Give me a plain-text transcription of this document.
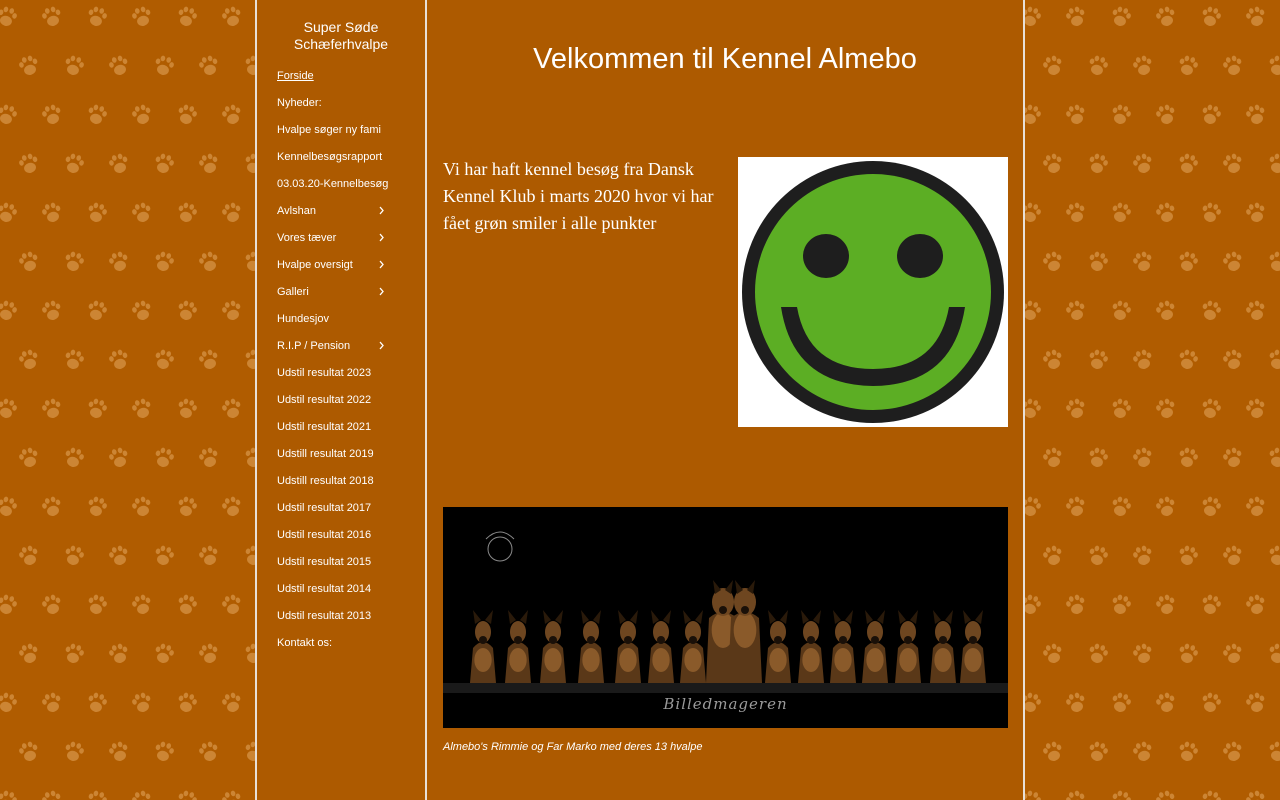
Super Søde Schæferhvalpe
Forside
Nyheder:
Hvalpe søger ny fami
Kennelbesøgsrapport
03.03.20-Kennelbesøg
Avlshan
Vores tæver
Hvalpe oversigt
Galleri
Hundesjov
R.I.P / Pension
Udstil resultat 2023
Udstil resultat 2022
Udstil resultat 2021
Udstill resultat 2019
Udstill resultat 2018
Udstil resultat 2017
Udstil resultat 2016
Udstil resultat 2015
Udstil resultat 2014
Udstil resultat 2013
Kontakt os:
Velkommen til Kennel Almebo
Vi har haft kennel besøg fra Dansk Kennel Klub i marts 2020 hvor vi har fået grøn smiler i alle punkter
Billedmageren
Almebo's Rimmie og Far Marko med deres 13 hvalpe
